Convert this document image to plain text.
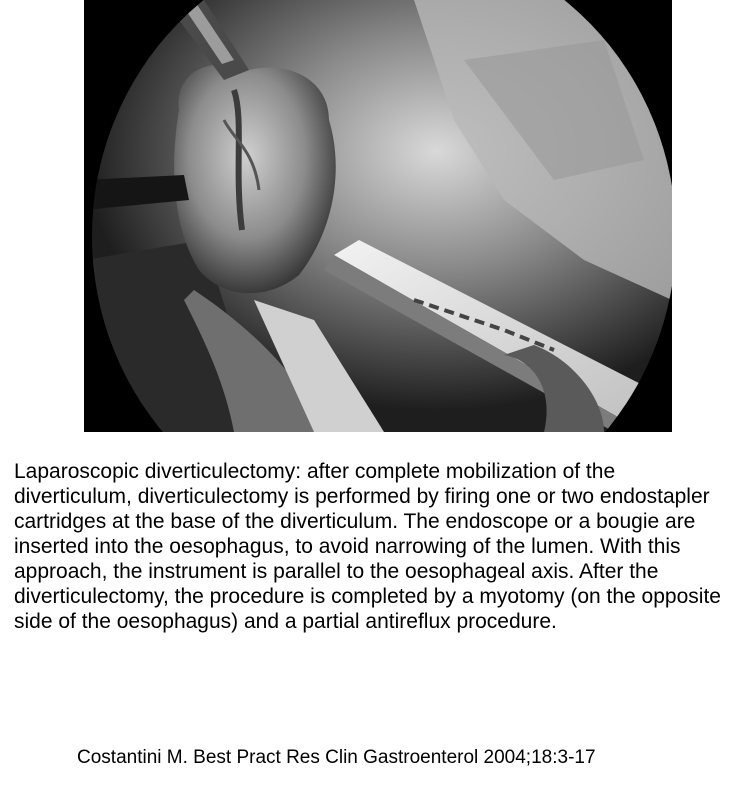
Laparoscopic diverticulectomy: after complete mobilization of the diverticulum, diverticulectomy is performed by firing one or two endostapler cartridges at the base of the diverticulum. The endoscope or a bougie are inserted into the oesophagus, to avoid narrowing of the lumen. With this approach, the instrument is parallel to the oesophageal axis. After the diverticulectomy, the procedure is completed by a myotomy (on the opposite side of the oesophagus) and a partial antireflux procedure.

Costantini M. Best Pract Res Clin Gastroenterol 2004;18:3-17
